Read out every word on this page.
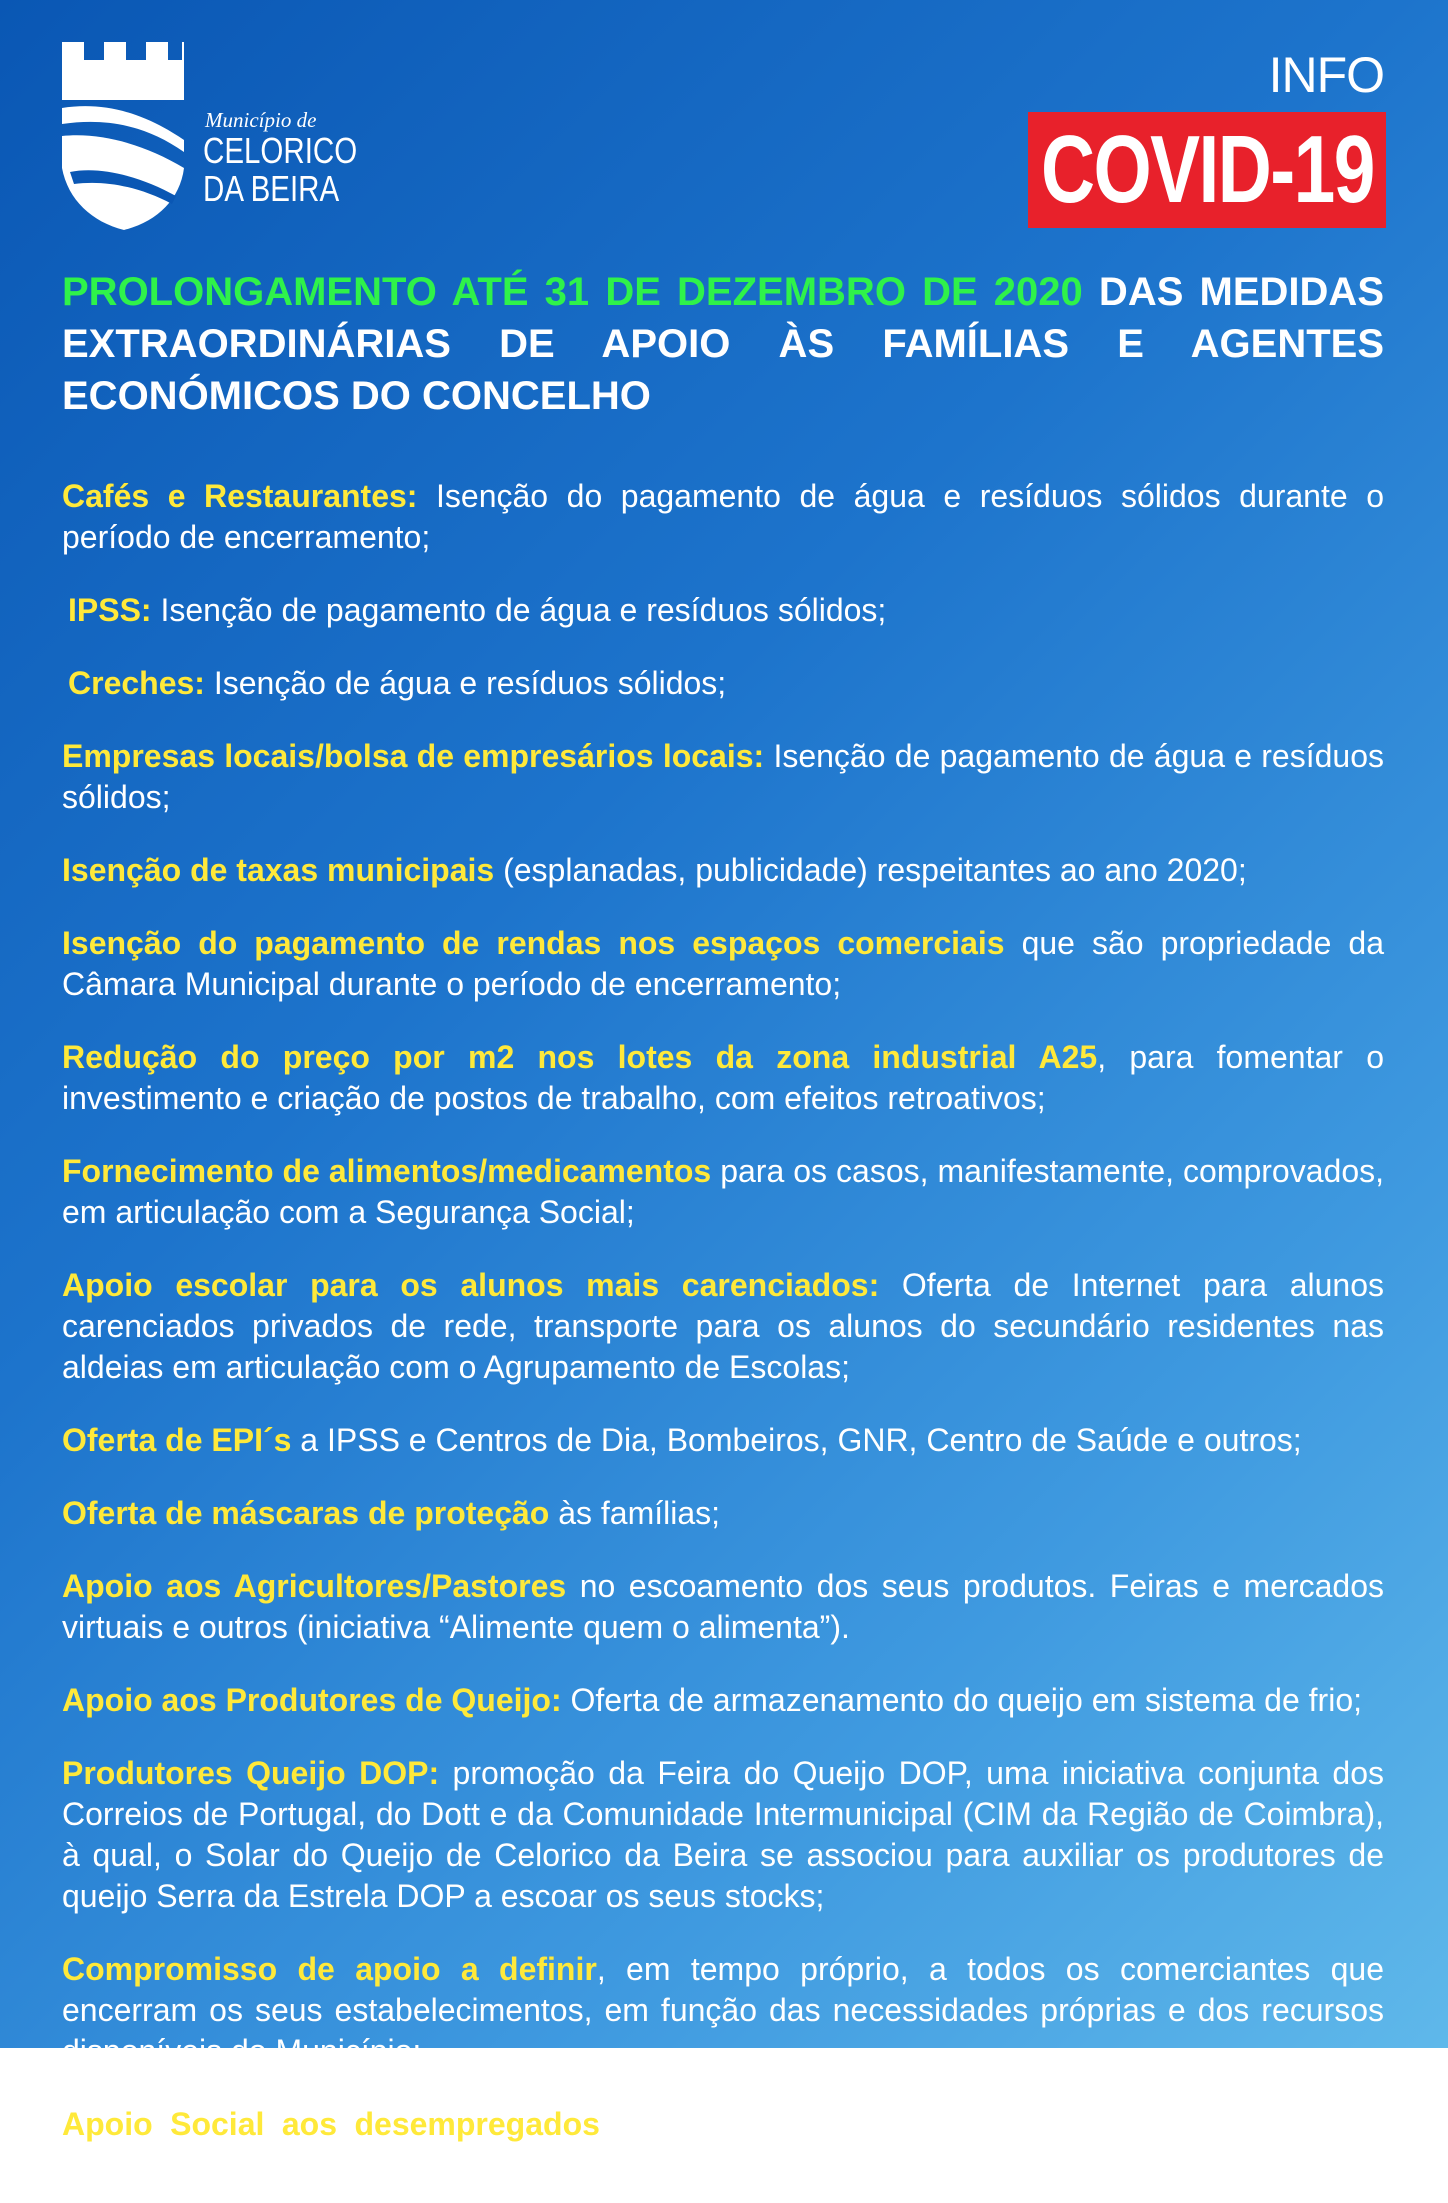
Município de
CELORICO
DA BEIRA
INFO
COVID-19
PROLONGAMENTO ATÉ 31 DE DEZEMBRO DE 2020 DAS MEDIDAS EXTRAORDINÁRIAS DE APOIO ÀS FAMÍLIAS E AGENTES ECONÓMICOS DO CONCELHO

Cafés e Restaurantes: Isenção do pagamento de água e resíduos sólidos durante o período de encerramento;

IPSS: Isenção de pagamento de água e resíduos sólidos;

Creches: Isenção de água e resíduos sólidos;

Empresas locais/bolsa de empresários locais: Isenção de pagamento de água e resíduos sólidos;

Isenção de taxas municipais (esplanadas, publicidade) respeitantes ao ano 2020;

Isenção do pagamento de rendas nos espaços comerciais que são propriedade da Câmara Municipal durante o período de encerramento;

Redução do preço por m2 nos lotes da zona industrial A25, para fomentar o investimento e criação de postos de trabalho, com efeitos retroativos;

Fornecimento de alimentos/medicamentos para os casos, manifestamente, comprovados, em articulação com a Segurança Social;

Apoio escolar para os alunos mais carenciados: Oferta de Internet para alunos carenciados privados de rede, transporte para os alunos do secundário residentes nas aldeias em articulação com o Agrupamento de Escolas;

Oferta de EPI´s a IPSS e Centros de Dia, Bombeiros, GNR, Centro de Saúde e outros;

Oferta de máscaras de proteção às famílias;

Apoio aos Agricultores/Pastores no escoamento dos seus produtos. Feiras e mercados virtuais e outros (iniciativa “Alimente quem o alimenta”).

Apoio aos Produtores de Queijo: Oferta de armazenamento do queijo em sistema de frio;

Produtores Queijo DOP: promoção da Feira do Queijo DOP, uma iniciativa conjunta dos Correios de Portugal, do Dott e da Comunidade Intermunicipal (CIM da Região de Coimbra), à qual, o Solar do Queijo de Celorico da Beira se associou para auxiliar os produtores de queijo Serra da Estrela DOP a escoar os seus stocks;

Compromisso de apoio a definir, em tempo próprio, a todos os comerciantes que encerram os seus estabelecimentos, em função das necessidades próprias e dos recursos disponíveis do Município;

Apoio Social aos desempregados resultantes desta pandemia, em articulação com o Centro de Emprego e a Segurança Social.
